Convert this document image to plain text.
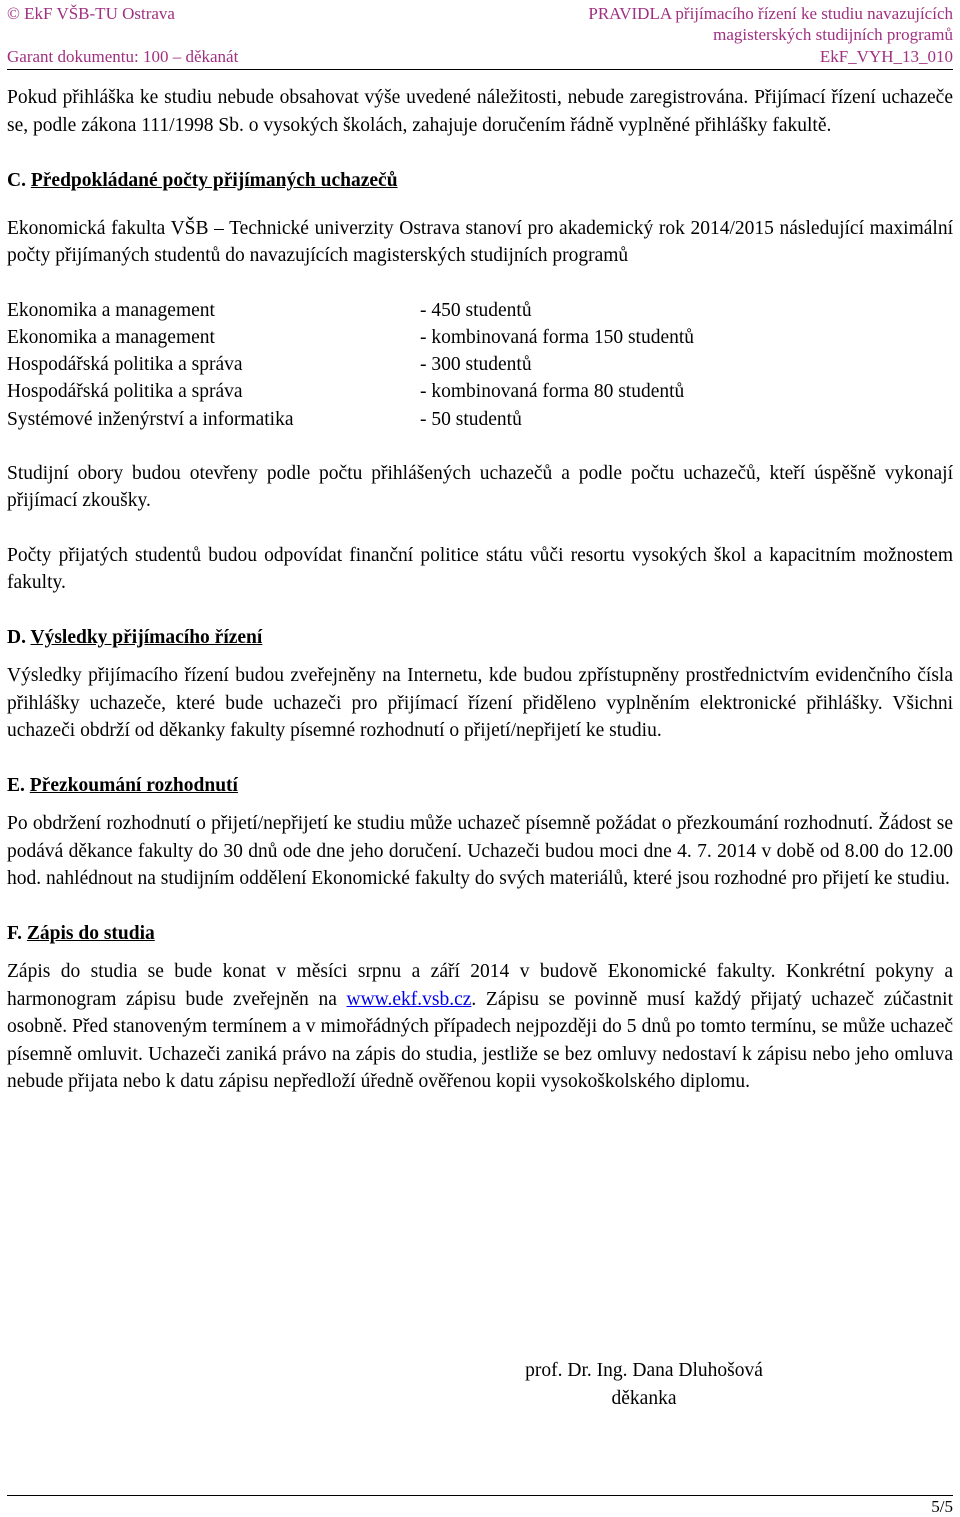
© EkF VŠB-TU Ostrava
Garant dokumentu: 100 – děkanát
PRAVIDLA přijímacího řízení ke studiu navazujících
magisterských studijních programů
EkF_VYH_13_010

Pokud přihláška ke studiu nebude obsahovat výše uvedené náležitosti, nebude zaregistrována. Přijímací řízení uchazeče se, podle zákona 111/1998 Sb. o vysokých školách, zahajuje doručením řádně vyplněné přihlášky fakultě.

C. Předpokládané počty přijímaných uchazečů

Ekonomická fakulta VŠB – Technické univerzity Ostrava stanoví pro akademický rok 2014/2015 následující maximální počty přijímaných studentů do navazujících magisterských studijních programů

Ekonomika a management	- 450 studentů
Ekonomika a management	- kombinovaná forma 150 studentů
Hospodářská politika a správa	- 300 studentů
Hospodářská politika a správa	- kombinovaná forma 80 studentů
Systémové inženýrství a informatika	- 50 studentů

Studijní obory budou otevřeny podle počtu přihlášených uchazečů a podle počtu uchazečů, kteří úspěšně vykonají přijímací zkoušky.

Počty přijatých studentů budou odpovídat finanční politice státu vůči resortu vysokých škol a kapacitním možnostem fakulty.

D. Výsledky přijímacího řízení

Výsledky přijímacího řízení budou zveřejněny na Internetu, kde budou zpřístupněny prostřednictvím evidenčního čísla přihlášky uchazeče, které bude uchazeči pro přijímací řízení přiděleno vyplněním elektronické přihlášky. Všichni uchazeči obdrží od děkanky fakulty písemné rozhodnutí o přijetí/nepřijetí ke studiu.

E. Přezkoumání rozhodnutí

Po obdržení rozhodnutí o přijetí/nepřijetí ke studiu může uchazeč písemně požádat o přezkoumání rozhodnutí. Žádost se podává děkance fakulty do 30 dnů ode dne jeho doručení. Uchazeči budou moci dne 4. 7. 2014 v době od 8.00 do 12.00 hod. nahlédnout na studijním oddělení Ekonomické fakulty do svých materiálů, které jsou rozhodné pro přijetí ke studiu.

F. Zápis do studia

Zápis do studia se bude konat v měsíci srpnu a září 2014 v budově Ekonomické fakulty. Konkrétní pokyny a harmonogram zápisu bude zveřejněn na www.ekf.vsb.cz. Zápisu se povinně musí každý přijatý uchazeč zúčastnit osobně. Před stanoveným termínem a v mimořádných případech nejpozději do 5 dnů po tomto termínu, se může uchazeč písemně omluvit. Uchazeči zaniká právo na zápis do studia, jestliže se bez omluvy nedostaví k zápisu nebo jeho omluva nebude přijata nebo k datu zápisu nepředloží úředně ověřenou kopii vysokoškolského diplomu.

prof. Dr. Ing. Dana Dluhošová
děkanka
5/5
